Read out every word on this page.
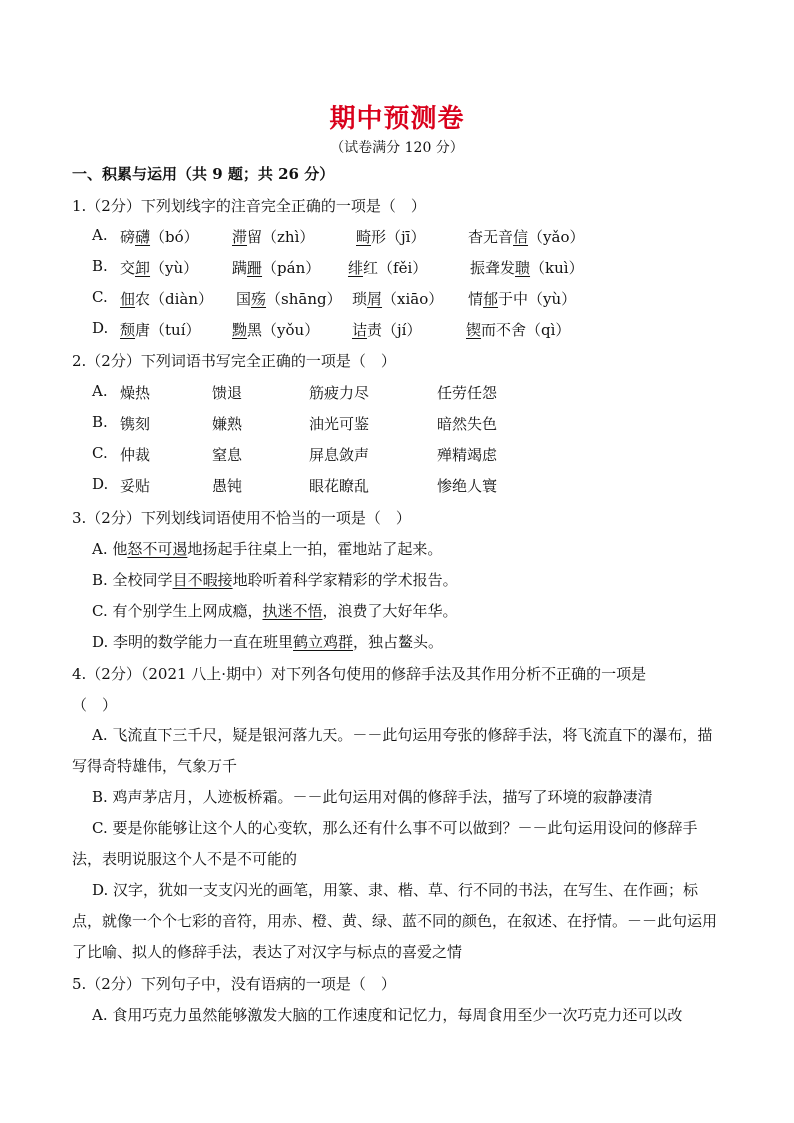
期中预测卷
（试卷满分 120 分）
一、积累与运用（共 9 题；共 26 分）
1.（2分）下列划线字的注音完全正确的一项是（　）
A. 磅礴（bó） 滞留（zhì）	畸形（jī）	杳无音信（yǎo）
B. 交卸（yù） 蹒跚（pán） 绯红（fěi）	振聋发聩（kuì）
C. 佃农（diàn） 国殇（shāng） 琐屑（xiāo） 情郁于中（yù）
D. 颓唐（tuí） 黝黑（yǒu） 诘责（jí）	锲而不舍（qì）
2.（2分）下列词语书写完全正确的一项是（　）
A. 燥热	馈退	筋疲力尽	任劳任怨
B. 镌刻	嫌熟	油光可鉴	暗然失色
C. 仲裁	窒息	屏息敛声	殚精竭虑
D. 妥贴	愚钝	眼花瞭乱	惨绝人寰
3.（2分）下列划线词语使用不恰当的一项是（　）
A. 他怒不可遏地扬起手往桌上一拍，霍地站了起来。
B. 全校同学目不暇接地聆听着科学家精彩的学术报告。
C. 有个别学生上网成瘾，执迷不悟，浪费了大好年华。
D. 李明的数学能力一直在班里鹤立鸡群，独占鳌头。
4.（2分）（2021 八上·期中）对下列各句使用的修辞手法及其作用分析不正确的一项是
（　）
A. 飞流直下三千尺，疑是银河落九天。－－此句运用夸张的修辞手法，将飞流直下的瀑布，描写得奇特雄伟，气象万千
B. 鸡声茅店月，人迹板桥霜。－－此句运用对偶的修辞手法，描写了环境的寂静凄清
C. 要是你能够让这个人的心变软，那么还有什么事不可以做到？－－此句运用设问的修辞手法，表明说服这个人不是不可能的
D. 汉字，犹如一支支闪光的画笔，用篆、隶、楷、草、行不同的书法，在写生、在作画；标点，就像一个个七彩的音符，用赤、橙、黄、绿、蓝不同的颜色，在叙述、在抒情。－－此句运用了比喻、拟人的修辞手法，表达了对汉字与标点的喜爱之情
5.（2分）下列句子中，没有语病的一项是（　）
A. 食用巧克力虽然能够激发大脑的工作速度和记忆力，每周食用至少一次巧克力还可以改
